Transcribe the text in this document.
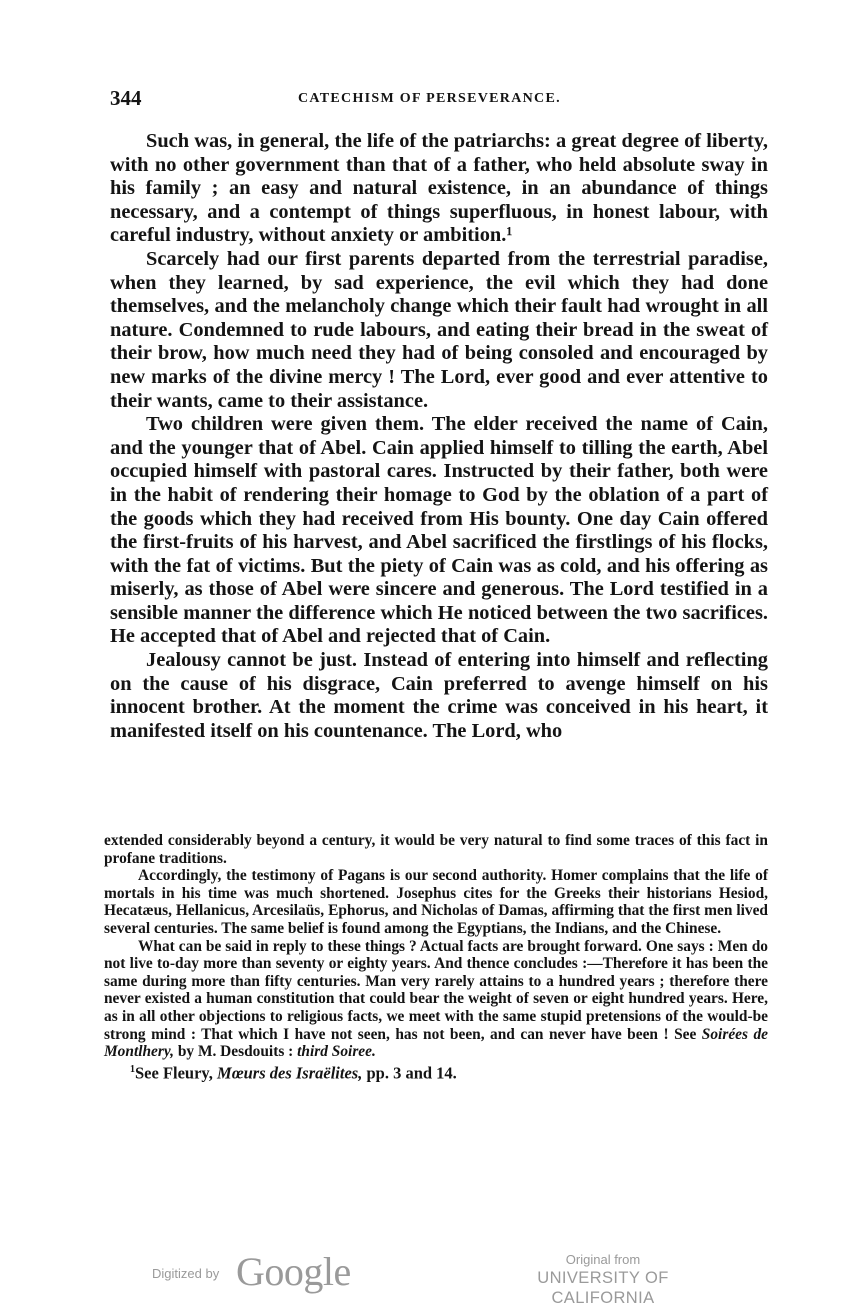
344	CATECHISM OF PERSEVERANCE.

Such was, in general, the life of the patriarchs: a great degree of liberty, with no other government than that of a father, who held absolute sway in his family ; an easy and natural existence, in an abundance of things necessary, and a contempt of things superfluous, in honest labour, with careful industry, without anxiety or ambition.¹

Scarcely had our first parents departed from the terrestrial paradise, when they learned, by sad experience, the evil which they had done themselves, and the melancholy change which their fault had wrought in all nature. Condemned to rude labours, and eating their bread in the sweat of their brow, how much need they had of being consoled and encouraged by new marks of the divine mercy ! The Lord, ever good and ever attentive to their wants, came to their assistance.

Two children were given them. The elder received the name of Cain, and the younger that of Abel. Cain applied himself to tilling the earth, Abel occupied himself with pastoral cares. Instructed by their father, both were in the habit of rendering their homage to God by the oblation of a part of the goods which they had received from His bounty. One day Cain offered the first-fruits of his harvest, and Abel sacrificed the firstlings of his flocks, with the fat of victims. But the piety of Cain was as cold, and his offering as miserly, as those of Abel were sincere and generous. The Lord testified in a sensible manner the difference which He noticed between the two sacrifices. He accepted that of Abel and rejected that of Cain.

Jealousy cannot be just. Instead of entering into himself and reflecting on the cause of his disgrace, Cain preferred to avenge himself on his innocent brother. At the moment the crime was conceived in his heart, it manifested itself on his countenance. The Lord, who

extended considerably beyond a century, it would be very natural to find some traces of this fact in profane traditions.

Accordingly, the testimony of Pagans is our second authority. Homer complains that the life of mortals in his time was much shortened. Josephus cites for the Greeks their historians Hesiod, Hecatæus, Hellanicus, Arcesilaüs, Ephorus, and Nicholas of Damas, affirming that the first men lived several centuries. The same belief is found among the Egyptians, the Indians, and the Chinese.

What can be said in reply to these things ? Actual facts are brought forward. One says : Men do not live to-day more than seventy or eighty years. And thence concludes :—Therefore it has been the same during more than fifty centuries. Man very rarely attains to a hundred years ; therefore there never existed a human constitution that could bear the weight of seven or eight hundred years. Here, as in all other objections to religious facts, we meet with the same stupid pretensions of the would-be strong mind : That which I have not seen, has not been, and can never have been ! See Soirées de Montlhery, by M. Desdouits : third Soiree.

$^1$See Fleury, Mœurs des Israëlites, pp. 3 and 14.

Digitized by Google	Original from
UNIVERSITY OF CALIFORNIA
